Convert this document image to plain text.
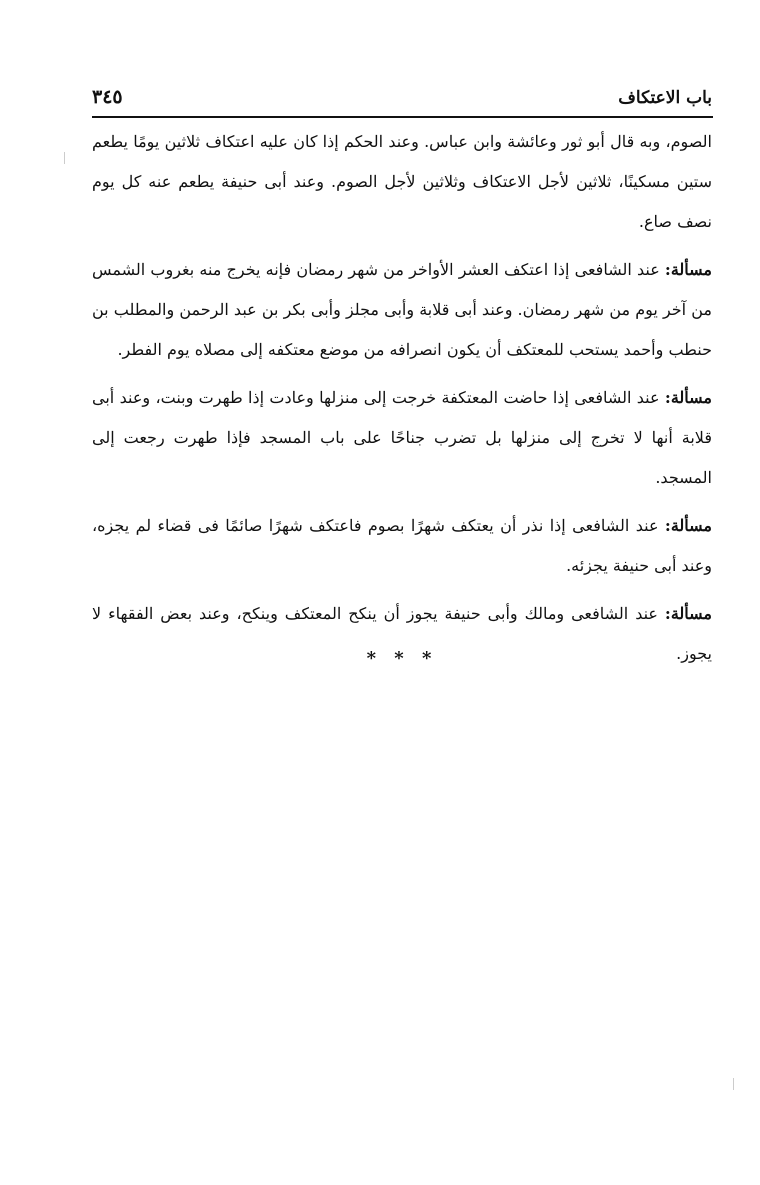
باب الاعتكاف
٣٤٥

الصوم، وبه قال أبو ثور وعائشة وابن عباس. وعند الحكم إذا كان عليه اعتكاف ثلاثين يومًا يطعم ستين مسكينًا، ثلاثين لأجل الاعتكاف وثلاثين لأجل الصوم. وعند أبى حنيفة يطعم عنه كل يوم نصف صاع.

مسألة: عند الشافعى إذا اعتكف العشر الأواخر من شهر رمضان فإنه يخرج منه بغروب الشمس من آخر يوم من شهر رمضان. وعند أبى قلابة وأبى مجلز وأبى بكر بن عبد الرحمن والمطلب بن حنطب وأحمد يستحب للمعتكف أن يكون انصرافه من موضع معتكفه إلى مصلاه يوم الفطر.

مسألة: عند الشافعى إذا حاضت المعتكفة خرجت إلى منزلها وعادت إذا طهرت وبنت، وعند أبى قلابة أنها لا تخرج إلى منزلها بل تضرب جناحًا على باب المسجد فإذا طهرت رجعت إلى المسجد.

مسألة: عند الشافعى إذا نذر أن يعتكف شهرًا بصوم فاعتكف شهرًا صائمًا فى قضاء لم يجزه، وعند أبى حنيفة يجزئه.

مسألة: عند الشافعى ومالك وأبى حنيفة يجوز أن ينكح المعتكف وينكح، وعند بعض الفقهاء لا يجوز.

* * *
